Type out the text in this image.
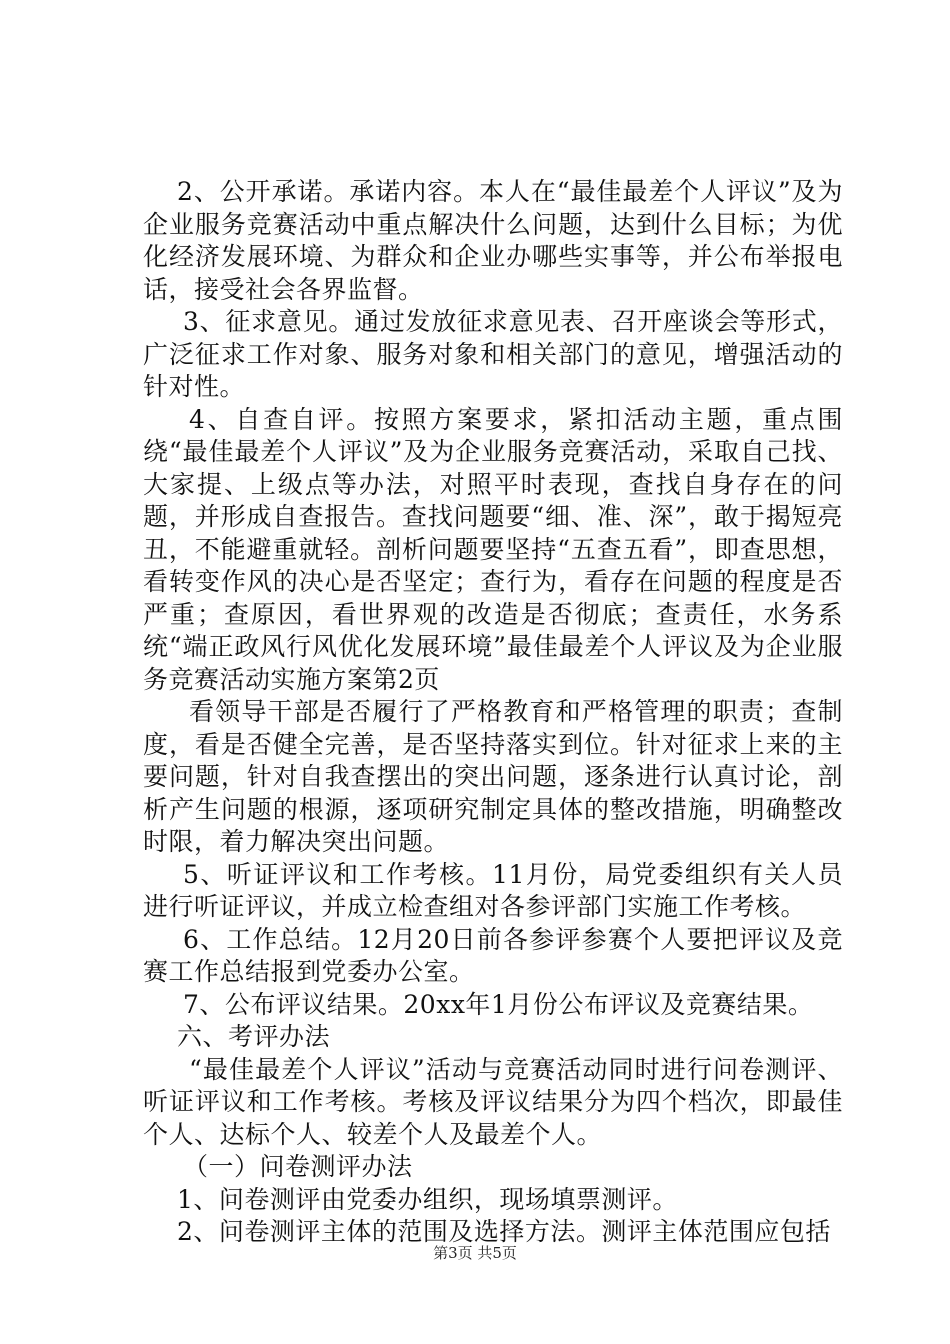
2、公开承诺。承诺内容。本人在“最佳最差个人评议”及为企业服务竞赛活动中重点解决什么问题，达到什么目标；为优化经济发展环境、为群众和企业办哪些实事等，并公布举报电话，接受社会各界监督。

3、征求意见。通过发放征求意见表、召开座谈会等形式，广泛征求工作对象、服务对象和相关部门的意见，增强活动的针对性。

4、自查自评。按照方案要求，紧扣活动主题，重点围绕“最佳最差个人评议”及为企业服务竞赛活动，采取自己找、大家提、上级点等办法，对照平时表现，查找自身存在的问题，并形成自查报告。查找问题要“细、准、深”，敢于揭短亮丑，不能避重就轻。剖析问题要坚持“五查五看”，即查思想，看转变作风的决心是否坚定；查行为，看存在问题的程度是否严重；查原因，看世界观的改造是否彻底；查责任，水务系统“端正政风行风优化发展环境”最佳最差个人评议及为企业服务竞赛活动实施方案第2页

看领导干部是否履行了严格教育和严格管理的职责；查制度，看是否健全完善，是否坚持落实到位。针对征求上来的主要问题，针对自我查摆出的突出问题，逐条进行认真讨论，剖析产生问题的根源，逐项研究制定具体的整改措施，明确整改时限，着力解决突出问题。

5、听证评议和工作考核。11月份，局党委组织有关人员进行听证评议，并成立检查组对各参评部门实施工作考核。

6、工作总结。12月20日前各参评参赛个人要把评议及竞赛工作总结报到党委办公室。

7、公布评议结果。20xx年1月份公布评议及竞赛结果。

六、考评办法

“最佳最差个人评议”活动与竞赛活动同时进行问卷测评、听证评议和工作考核。考核及评议结果分为四个档次，即最佳个人、达标个人、较差个人及最差个人。

（一）问卷测评办法

1、问卷测评由党委办组织，现场填票测评。

2、问卷测评主体的范围及选择方法。测评主体范围应包括

第3页 共5页
